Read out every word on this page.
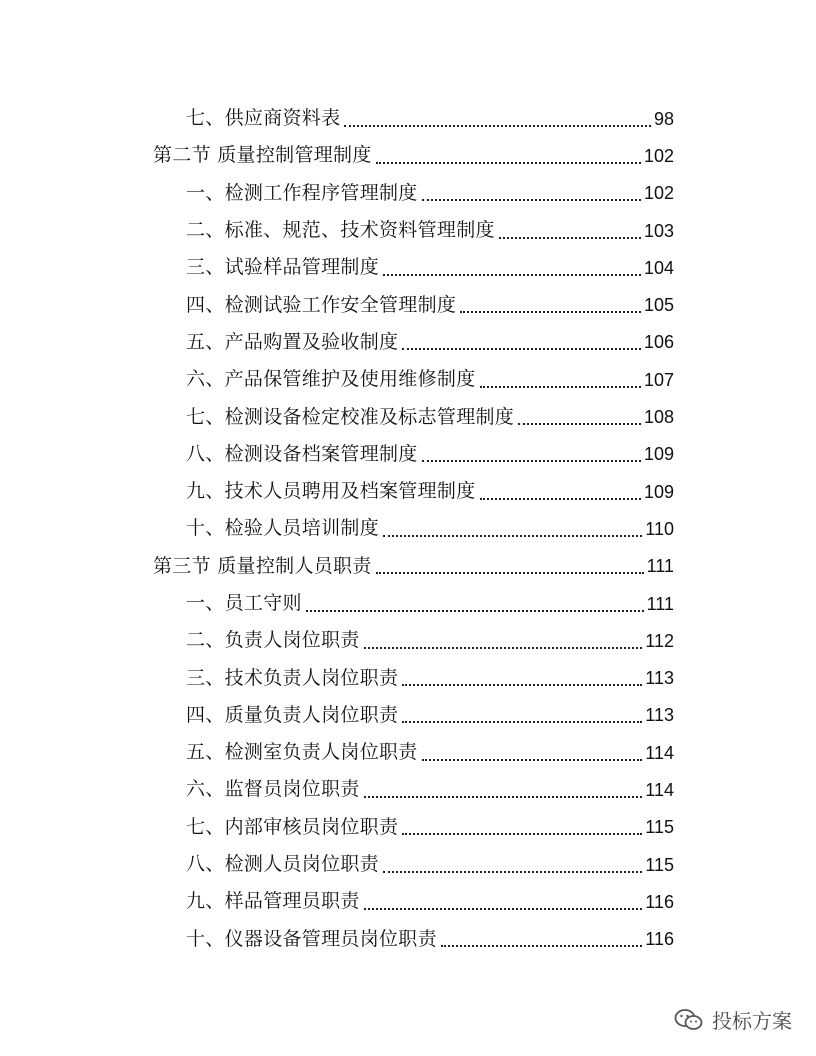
七、供应商资料表	98
第二节 质量控制管理制度	102
一、检测工作程序管理制度	102
二、标准、规范、技术资料管理制度	103
三、试验样品管理制度	104
四、检测试验工作安全管理制度	105
五、产品购置及验收制度	106
六、产品保管维护及使用维修制度	107
七、检测设备检定校准及标志管理制度	108
八、检测设备档案管理制度	109
九、技术人员聘用及档案管理制度	109
十、检验人员培训制度	110
第三节 质量控制人员职责	111
一、员工守则	111
二、负责人岗位职责	112
三、技术负责人岗位职责	113
四、质量负责人岗位职责	113
五、检测室负责人岗位职责	114
六、监督员岗位职责	114
七、内部审核员岗位职责	115
八、检测人员岗位职责	115
九、样品管理员职责	116
十、仪器设备管理员岗位职责	116
投标方案
